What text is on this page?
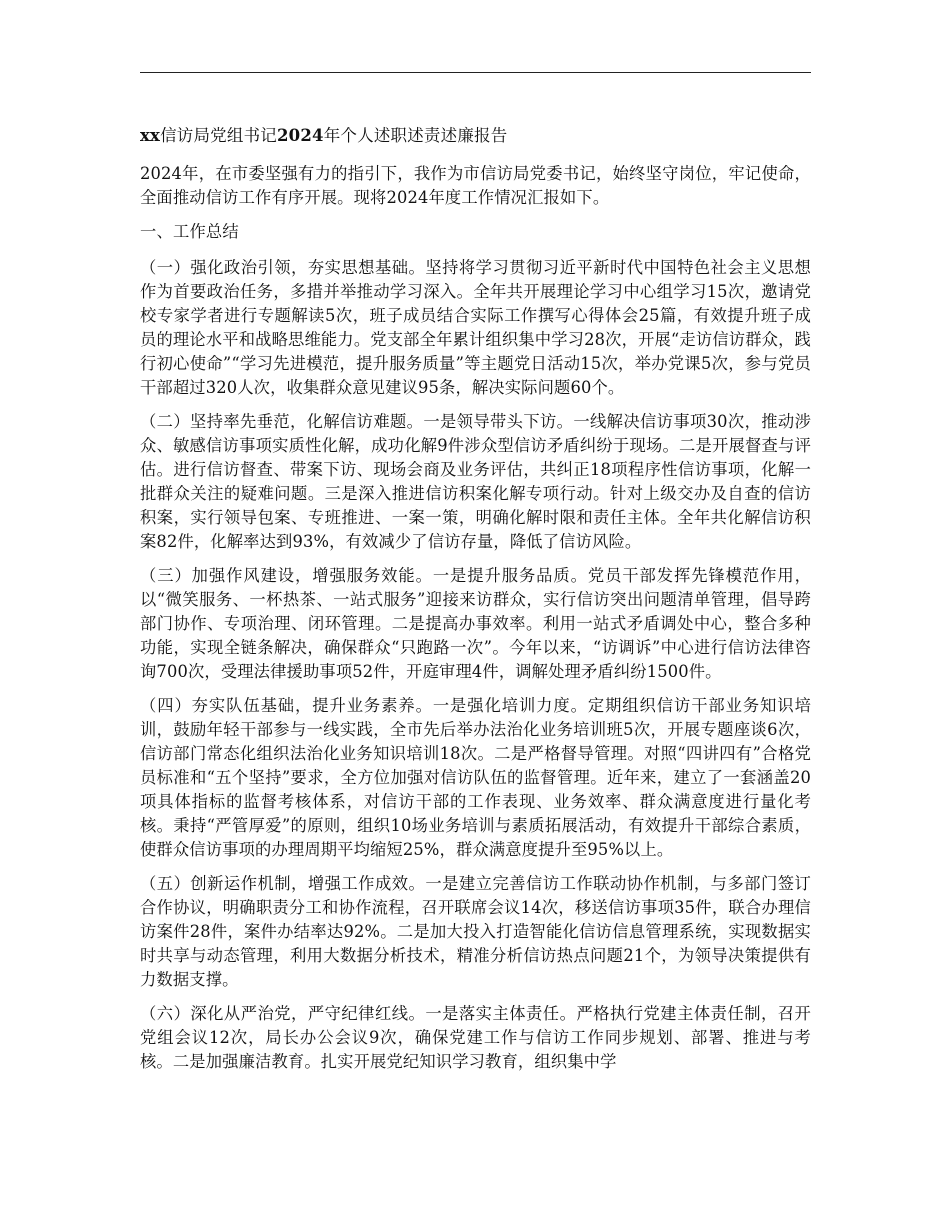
xx信访局党组书记2024年个人述职述责述廉报告

2024年，在市委坚强有力的指引下，我作为市信访局党委书记，始终坚守岗位，牢记使命，全面推动信访工作有序开展。现将2024年度工作情况汇报如下。

一、工作总结

（一）强化政治引领，夯实思想基础。坚持将学习贯彻习近平新时代中国特色社会主义思想作为首要政治任务，多措并举推动学习深入。全年共开展理论学习中心组学习15次，邀请党校专家学者进行专题解读5次，班子成员结合实际工作撰写心得体会25篇，有效提升班子成员的理论水平和战略思维能力。党支部全年累计组织集中学习28次，开展“走访信访群众，践行初心使命”“学习先进模范，提升服务质量”等主题党日活动15次，举办党课5次，参与党员干部超过320人次，收集群众意见建议95条，解决实际问题60个。

（二）坚持率先垂范，化解信访难题。一是领导带头下访。一线解决信访事项30次，推动涉众、敏感信访事项实质性化解，成功化解9件涉众型信访矛盾纠纷于现场。二是开展督查与评估。进行信访督查、带案下访、现场会商及业务评估，共纠正18项程序性信访事项，化解一批群众关注的疑难问题。三是深入推进信访积案化解专项行动。针对上级交办及自查的信访积案，实行领导包案、专班推进、一案一策，明确化解时限和责任主体。全年共化解信访积案82件，化解率达到93%，有效减少了信访存量，降低了信访风险。

（三）加强作风建设，增强服务效能。一是提升服务品质。党员干部发挥先锋模范作用，以“微笑服务、一杯热茶、一站式服务”迎接来访群众，实行信访突出问题清单管理，倡导跨部门协作、专项治理、闭环管理。二是提高办事效率。利用一站式矛盾调处中心，整合多种功能，实现全链条解决，确保群众“只跑路一次”。今年以来，“访调诉”中心进行信访法律咨询700次，受理法律援助事项52件，开庭审理4件，调解处理矛盾纠纷1500件。

（四）夯实队伍基础，提升业务素养。一是强化培训力度。定期组织信访干部业务知识培训，鼓励年轻干部参与一线实践，全市先后举办法治化业务培训班5次，开展专题座谈6次，信访部门常态化组织法治化业务知识培训18次。二是严格督导管理。对照“四讲四有”合格党员标准和“五个坚持”要求，全方位加强对信访队伍的监督管理。近年来，建立了一套涵盖20项具体指标的监督考核体系，对信访干部的工作表现、业务效率、群众满意度进行量化考核。秉持“严管厚爱”的原则，组织10场业务培训与素质拓展活动，有效提升干部综合素质，使群众信访事项的办理周期平均缩短25%，群众满意度提升至95%以上。

（五）创新运作机制，增强工作成效。一是建立完善信访工作联动协作机制，与多部门签订合作协议，明确职责分工和协作流程，召开联席会议14次，移送信访事项35件，联合办理信访案件28件，案件办结率达92%。二是加大投入打造智能化信访信息管理系统，实现数据实时共享与动态管理，利用大数据分析技术，精准分析信访热点问题21个，为领导决策提供有力数据支撑。

（六）深化从严治党，严守纪律红线。一是落实主体责任。严格执行党建主体责任制，召开党组会议12次，局长办公会议9次，确保党建工作与信访工作同步规划、部署、推进与考核。二是加强廉洁教育。扎实开展党纪知识学习教育，组织集中学
